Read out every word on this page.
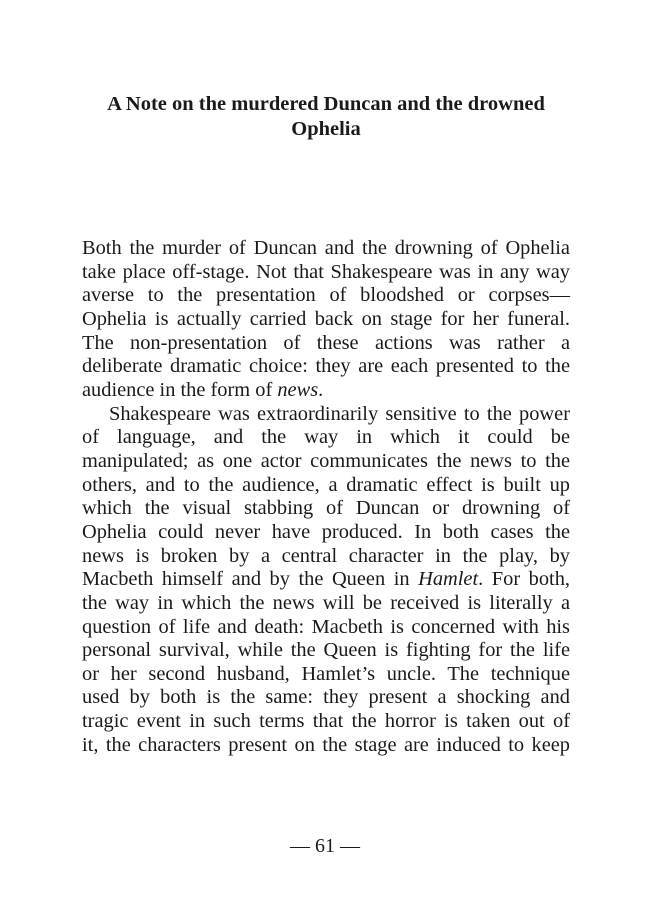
A Note on the murdered Duncan and the drowned
Ophelia

Both the murder of Duncan and the drowning of Ophelia

take place off-stage. Not that Shakespeare was in any way

averse to the presentation of bloodshed or corpses—

Ophelia is actually carried back on stage for her funeral.

The non-presentation of these actions was rather a

deliberate dramatic choice: they are each presented to the

audience in the form of news.

Shakespeare was extraordinarily sensitive to the power

of language, and the way in which it could be

manipulated; as one actor communicates the news to the

others, and to the audience, a dramatic effect is built up

which the visual stabbing of Duncan or drowning of

Ophelia could never have produced. In both cases the

news is broken by a central character in the play, by

Macbeth himself and by the Queen in Hamlet. For both,

the way in which the news will be received is literally a

question of life and death: Macbeth is concerned with his

personal survival, while the Queen is fighting for the life

or her second husband, Hamlet’s uncle. The technique

used by both is the same: they present a shocking and

tragic event in such terms that the horror is taken out of

it, the characters present on the stage are induced to keep

— 61 —
